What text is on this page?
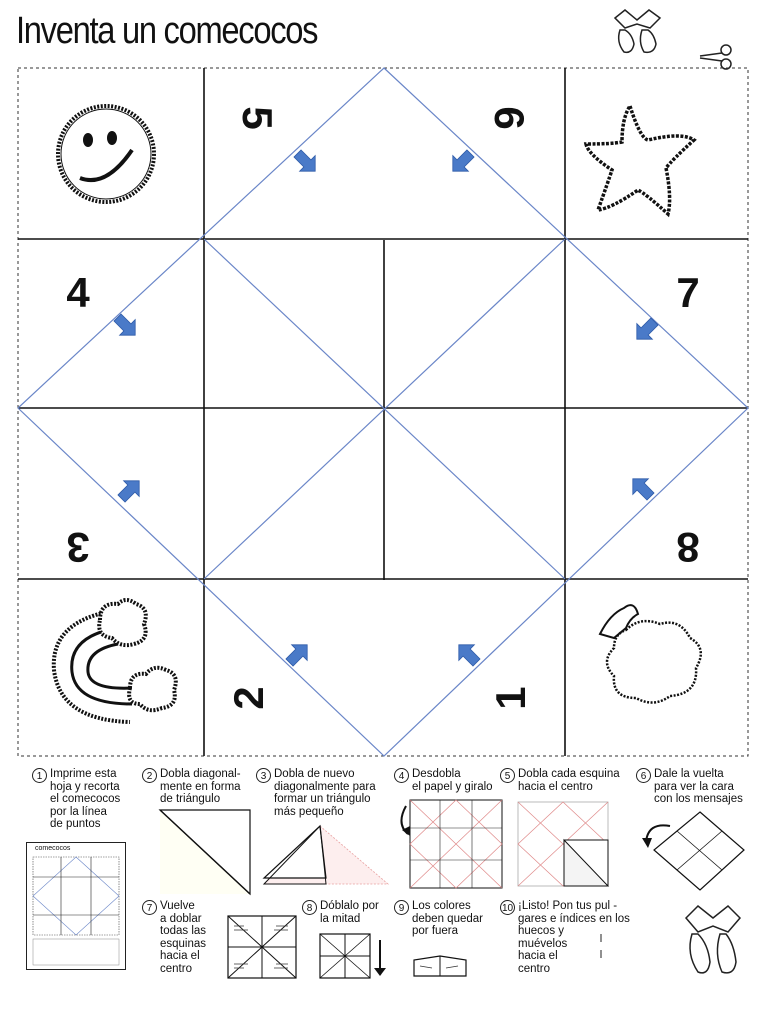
Inventa un comecocos
5	6
4	7
3	8
2	1
1 Imprime esta
hoja y recorta
el comecocos
por la línea
de puntos
2 Dobla diagonal-
mente en forma
de triángulo
3 Dobla de nuevo
diagonalmente para
formar un triángulo
más pequeño
4 Desdobla
el papel y giralo
5 Dobla cada esquina
hacia el centro
6 Dale la vuelta
para ver la cara
con los mensajes
7 Vuelve
a doblar
todas las
esquinas
hacia el
centro
8 Dóblalo por
la mitad
9 Los colores
deben quedar
por fuera
10 ¡Listo! Pon tus pul -
gares e índices en los
huecos y
muévelos
hacia el
centro
comecocos
